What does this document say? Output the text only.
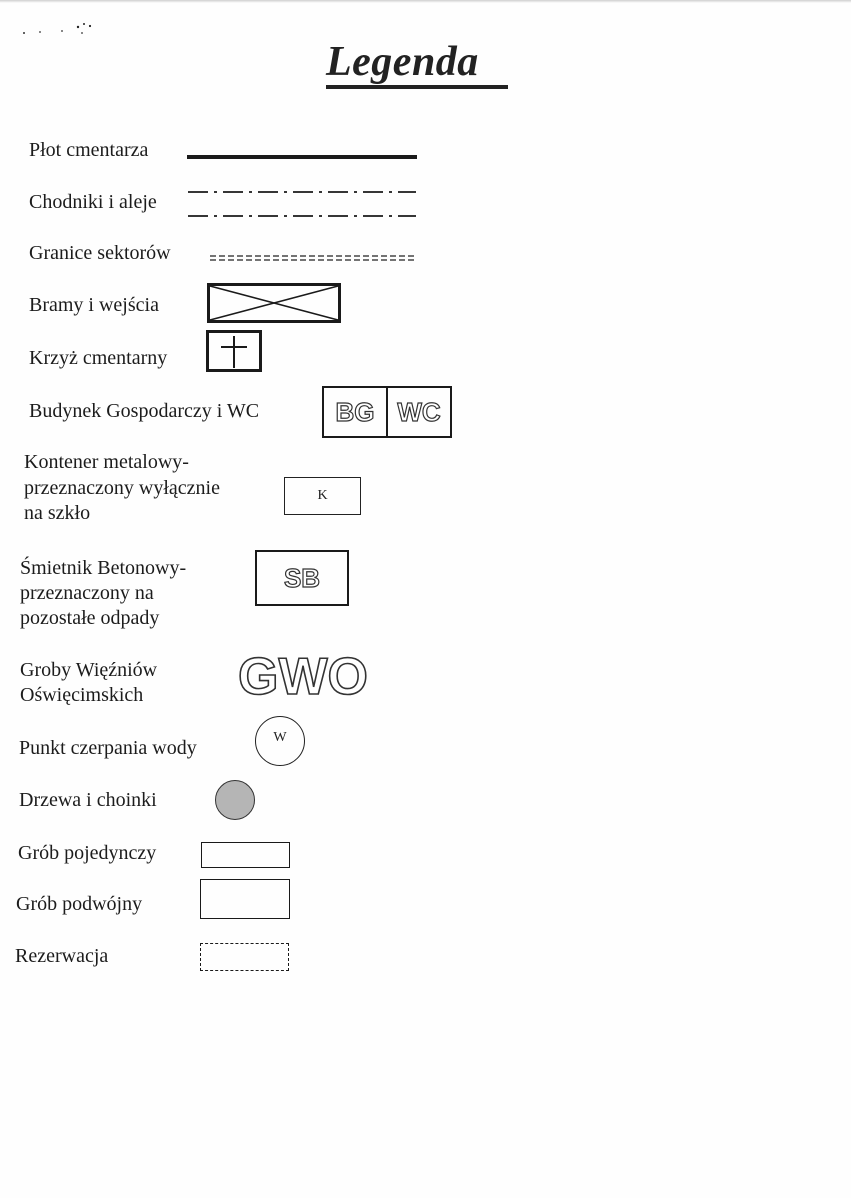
Legenda
Płot cmentarza
Chodniki i aleje
Granice sektorów
Bramy i wejścia
Krzyż cmentarny
Budynek Gospodarczy i WC	BG WC
Kontener metalowy-
przeznaczony wyłącznie
na szkło
K
Śmietnik Betonowy-
przeznaczony na
pozostałe odpady
SB
Groby Więźniów
Oświęcimskich GWO
Punkt czerpania wody	W
Drzewa i choinki
Grób pojedynczy
Grób podwójny
Rezerwacja
